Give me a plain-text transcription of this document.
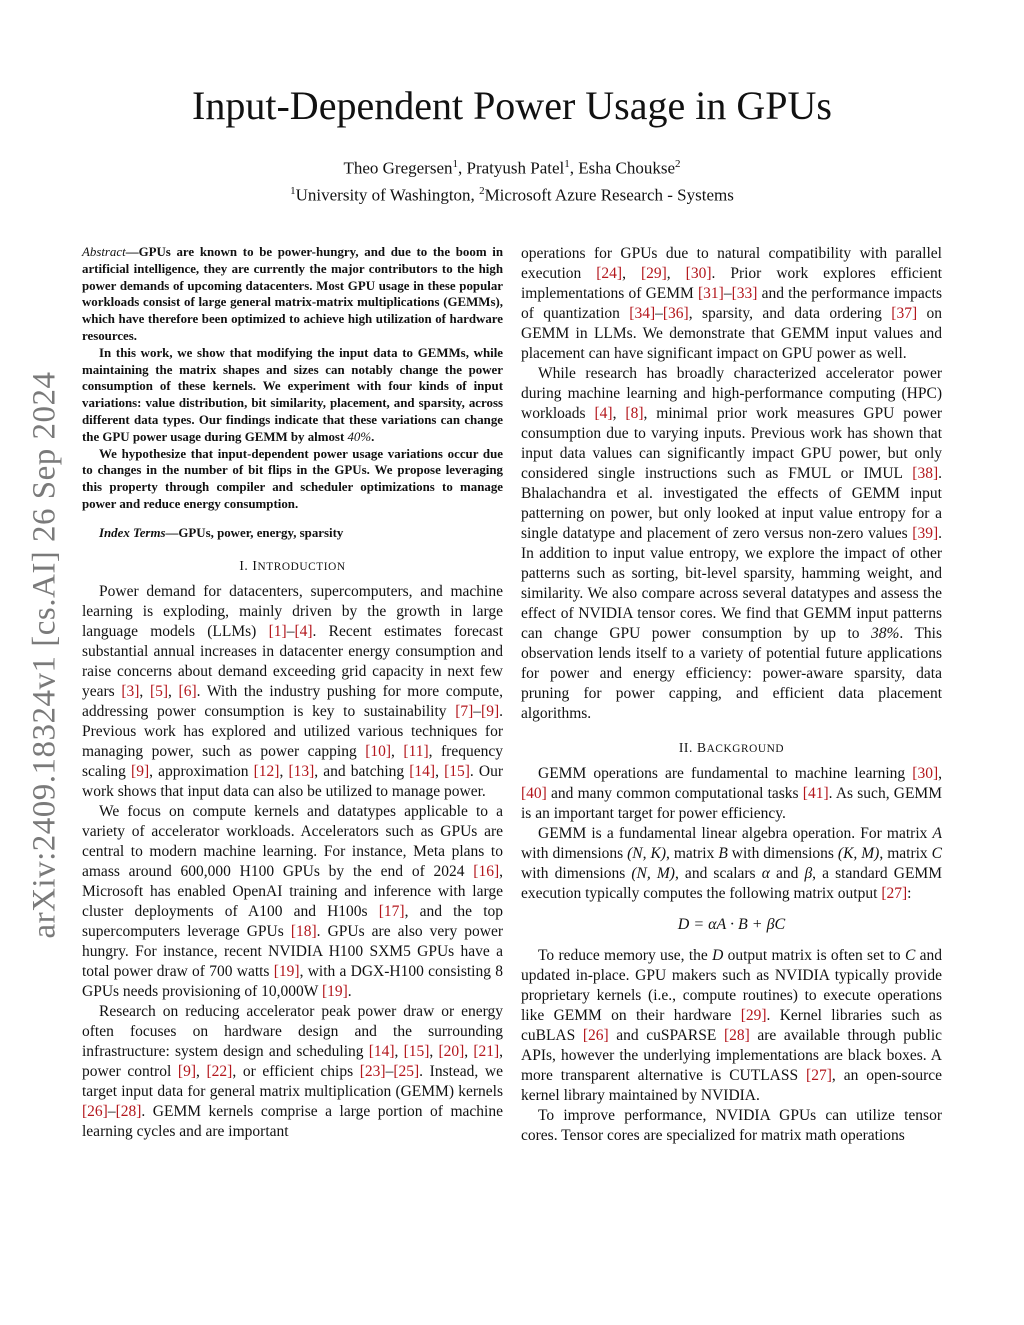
arXiv:2409.18324v1 [cs.AI] 26 Sep 2024
Input-Dependent Power Usage in GPUs
Theo Gregersen$^1$, Pratyush Patel$^1$, Esha Choukse$^2$
$^1$University of Washington, $^2$Microsoft Azure Research - Systems

Abstract—GPUs are known to be power-hungry, and due to the boom in artificial intelligence, they are currently the major contributors to the high power demands of upcoming datacenters. Most GPU usage in these popular workloads consist of large general matrix-matrix multiplications (GEMMs), which have therefore been optimized to achieve high utilization of hardware resources.

In this work, we show that modifying the input data to GEMMs, while maintaining the matrix shapes and sizes can notably change the power consumption of these kernels. We experiment with four kinds of input variations: value distribution, bit similarity, placement, and sparsity, across different data types. Our findings indicate that these variations can change the GPU power usage during GEMM by almost 40%.

We hypothesize that input-dependent power usage variations occur due to changes in the number of bit flips in the GPUs. We propose leveraging this property through compiler and scheduler optimizations to manage power and reduce energy consumption.

Index Terms—GPUs, power, energy, sparsity

I. INTRODUCTION

Power demand for datacenters, supercomputers, and machine learning is exploding, mainly driven by the growth in large language models (LLMs) [1]–[4]. Recent estimates forecast substantial annual increases in datacenter energy consumption and raise concerns about demand exceeding grid capacity in next few years [3], [5], [6]. With the industry pushing for more compute, addressing power consumption is key to sustainability [7]–[9]. Previous work has explored and utilized various techniques for managing power, such as power capping [10], [11], frequency scaling [9], approximation [12], [13], and batching [14], [15]. Our work shows that input data can also be utilized to manage power.

We focus on compute kernels and datatypes applicable to a variety of accelerator workloads. Accelerators such as GPUs are central to modern machine learning. For instance, Meta plans to amass around 600,000 H100 GPUs by the end of 2024 [16], Microsoft has enabled OpenAI training and inference with large cluster deployments of A100 and H100s [17], and the top supercomputers leverage GPUs [18]. GPUs are also very power hungry. For instance, recent NVIDIA H100 SXM5 GPUs have a total power draw of 700 watts [19], with a DGX-H100 consisting 8 GPUs needs provisioning of 10,000W [19].

Research on reducing accelerator peak power draw or energy often focuses on hardware design and the surrounding infrastructure: system design and scheduling [14], [15], [20], [21], power control [9], [22], or efficient chips [23]–[25]. Instead, we target input data for general matrix multiplication (GEMM) kernels [26]–[28]. GEMM kernels comprise a large portion of machine learning cycles and are important

operations for GPUs due to natural compatibility with parallel execution [24], [29], [30]. Prior work explores efficient implementations of GEMM [31]–[33] and the performance impacts of quantization [34]–[36], sparsity, and data ordering [37] on GEMM in LLMs. We demonstrate that GEMM input values and placement can have significant impact on GPU power as well.

While research has broadly characterized accelerator power during machine learning and high-performance computing (HPC) workloads [4], [8], minimal prior work measures GPU power consumption due to varying inputs. Previous work has shown that input data values can significantly impact GPU power, but only considered single instructions such as FMUL or IMUL [38]. Bhalachandra et al. investigated the effects of GEMM input patterning on power, but only looked at input value entropy for a single datatype and placement of zero versus non-zero values [39]. In addition to input value entropy, we explore the impact of other patterns such as sorting, bit-level sparsity, hamming weight, and similarity. We also compare across several datatypes and assess the effect of NVIDIA tensor cores. We find that GEMM input patterns can change GPU power consumption by up to 38%. This observation lends itself to a variety of potential future applications for power and energy efficiency: power-aware sparsity, data pruning for power capping, and efficient data placement algorithms.

II. BACKGROUND

GEMM operations are fundamental to machine learning [30], [40] and many common computational tasks [41]. As such, GEMM is an important target for power efficiency.

GEMM is a fundamental linear algebra operation. For matrix A with dimensions (N, K), matrix B with dimensions (K, M), matrix C with dimensions (N, M), and scalars α and β, a standard GEMM execution typically computes the following matrix output [27]:

D = αA · B + βC

To reduce memory use, the D output matrix is often set to C and updated in-place. GPU makers such as NVIDIA typically provide proprietary kernels (i.e., compute routines) to execute operations like GEMM on their hardware [29]. Kernel libraries such as cuBLAS [26] and cuSPARSE [28] are available through public APIs, however the underlying implementations are black boxes. A more transparent alternative is CUTLASS [27], an open-source kernel library maintained by NVIDIA.

To improve performance, NVIDIA GPUs can utilize tensor cores. Tensor cores are specialized for matrix math operations
